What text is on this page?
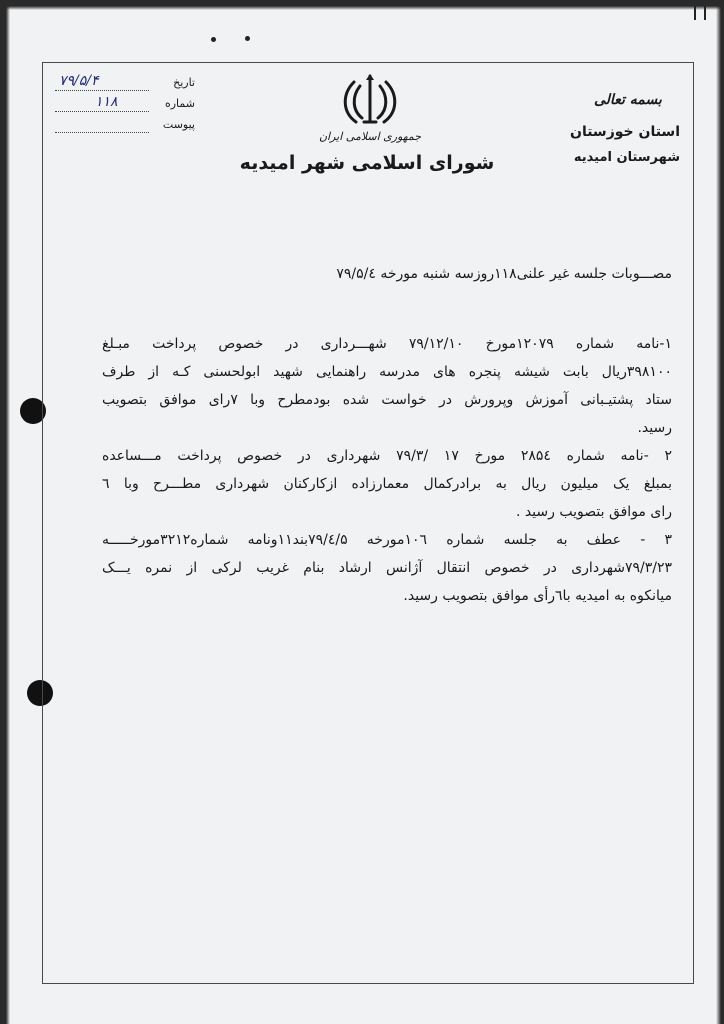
تاریخ
۷۹/۵/۴
شماره
۱۱۸
پیوست
جمهوری اسلامی ایران
شورای اسلامی شهر امیدیه
بسمه تعالی
استان خوزستان
شهرستان امیدیه
مصـــوبات جلسه غیر علنی۱۱۸روزسه شنبه مورخه ۷۹/۵/٤
۱-نامه شماره ۱۲۰۷۹مورخ ۷۹/۱۲/۱۰ شهـــرداری در خصوص پرداخت مبـلغ
۳۹۸۱۰۰ریال بابت شیشه پنجره های مدرسه راهنمایی شهید ابولحسنی کـه از طرف
ستاد پشتیـبانی آموزش وپرورش در خواست شده بودمطرح وبا ۷رای موافق بتصویب
رسید.
۲ -نامه شماره ۲۸۵٤ مورخ ۱۷ /۷۹/۳ شهرداری در خصوص پرداخت مـــساعده
بمبلغ یک میلیون ریال به برادرکمال معمارزاده ازکارکنان شهرداری مطـــرح وبا ٦
رای موافق بتصویب رسید .
۳ - عطف به جلسه شماره ۱۰٦مورخه ۷۹/٤/۵بند۱۱ونامه شماره۳۲۱۲مورخـــــه
۷۹/۳/۲۳شهرداری در خصوص انتقال آژانس ارشاد بنام غریب لرکی از نمره یـــک
میانکوه به امیدیه با٦رأی موافق بتصویب رسید.
